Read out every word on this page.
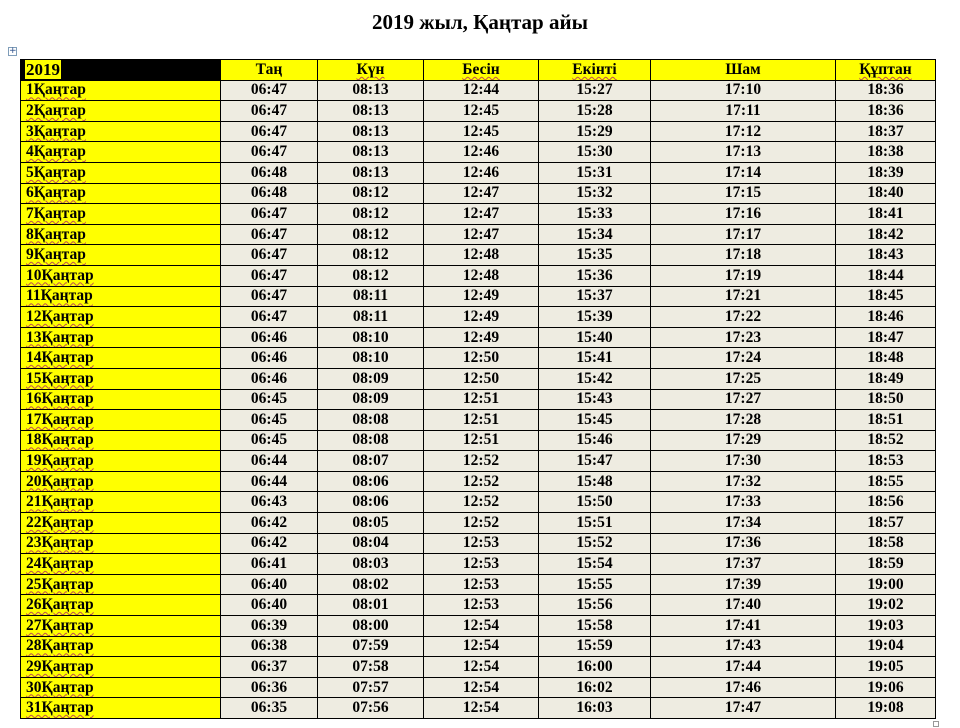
2019 жыл, Қаңтар айы
+
2019	Таң	Күн	Бесін	Екінті	Шам	Құптан
1Қаңтар	06:47	08:13	12:44	15:27	17:10	18:36
2Қаңтар	06:47	08:13	12:45	15:28	17:11	18:36
3Қаңтар	06:47	08:13	12:45	15:29	17:12	18:37
4Қаңтар	06:47	08:13	12:46	15:30	17:13	18:38
5Қаңтар	06:48	08:13	12:46	15:31	17:14	18:39
6Қаңтар	06:48	08:12	12:47	15:32	17:15	18:40
7Қаңтар	06:47	08:12	12:47	15:33	17:16	18:41
8Қаңтар	06:47	08:12	12:47	15:34	17:17	18:42
9Қаңтар	06:47	08:12	12:48	15:35	17:18	18:43
10Қаңтар	06:47	08:12	12:48	15:36	17:19	18:44
11Қаңтар	06:47	08:11	12:49	15:37	17:21	18:45
12Қаңтар	06:47	08:11	12:49	15:39	17:22	18:46
13Қаңтар	06:46	08:10	12:49	15:40	17:23	18:47
14Қаңтар	06:46	08:10	12:50	15:41	17:24	18:48
15Қаңтар	06:46	08:09	12:50	15:42	17:25	18:49
16Қаңтар	06:45	08:09	12:51	15:43	17:27	18:50
17Қаңтар	06:45	08:08	12:51	15:45	17:28	18:51
18Қаңтар	06:45	08:08	12:51	15:46	17:29	18:52
19Қаңтар	06:44	08:07	12:52	15:47	17:30	18:53
20Қаңтар	06:44	08:06	12:52	15:48	17:32	18:55
21Қаңтар	06:43	08:06	12:52	15:50	17:33	18:56
22Қаңтар	06:42	08:05	12:52	15:51	17:34	18:57
23Қаңтар	06:42	08:04	12:53	15:52	17:36	18:58
24Қаңтар	06:41	08:03	12:53	15:54	17:37	18:59
25Қаңтар	06:40	08:02	12:53	15:55	17:39	19:00
26Қаңтар	06:40	08:01	12:53	15:56	17:40	19:02
27Қаңтар	06:39	08:00	12:54	15:58	17:41	19:03
28Қаңтар	06:38	07:59	12:54	15:59	17:43	19:04
29Қаңтар	06:37	07:58	12:54	16:00	17:44	19:05
30Қаңтар	06:36	07:57	12:54	16:02	17:46	19:06
31Қаңтар	06:35	07:56	12:54	16:03	17:47	19:08
